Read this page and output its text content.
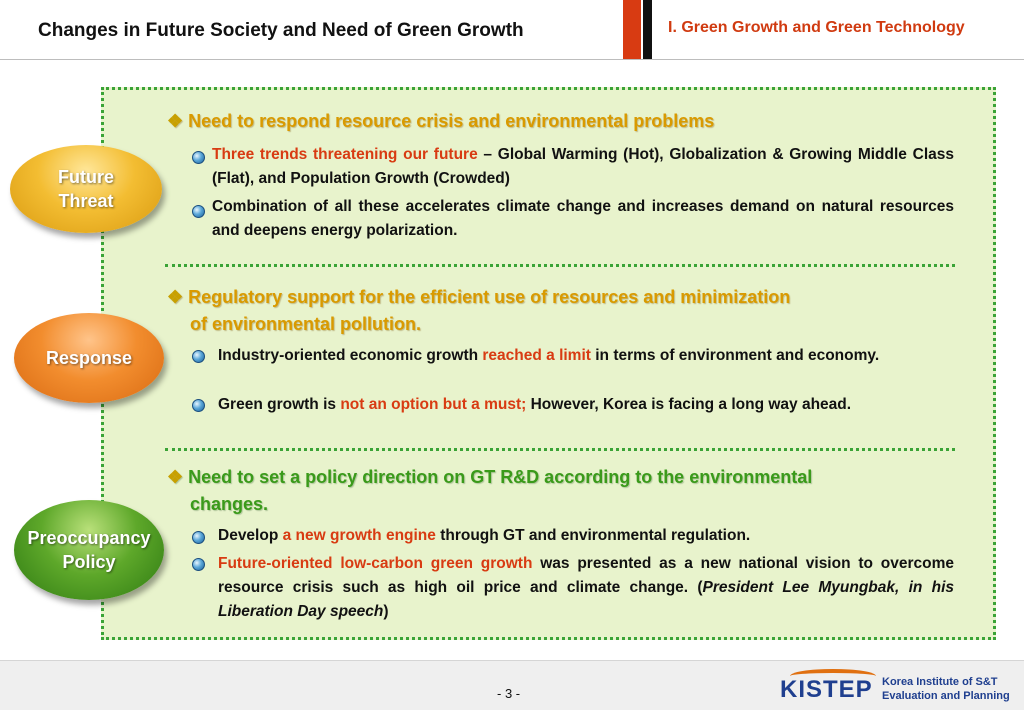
Changes in Future Society and Need of Green Growth	I. Green Growth and Green Technology
Future
Threat
❖ Need to respond resource crisis and environmental problems
Three trends threatening our future – Global Warming (Hot), Globalization & Growing Middle Class (Flat), and Population Growth (Crowded)
Combination of all these accelerates climate change and increases demand on natural resources and deepens energy polarization.
Response
❖ Regulatory support for the efficient use of resources and minimization
of environmental pollution.
Industry-oriented economic growth reached a limit in terms of environment and economy.
Green growth is not an option but a must; However, Korea is facing a long way ahead.
Preoccupancy
Policy
❖ Need to set a policy direction on GT R&D according to the environmental
changes.
Develop a new growth engine through GT and environmental regulation.
Future-oriented low-carbon green growth was presented as a new national vision to overcome resource crisis such as high oil price and climate change. (President Lee Myungbak, in his Liberation Day speech)
- 3 -	KISTEP Korea Institute of S&T
Evaluation and Planning
